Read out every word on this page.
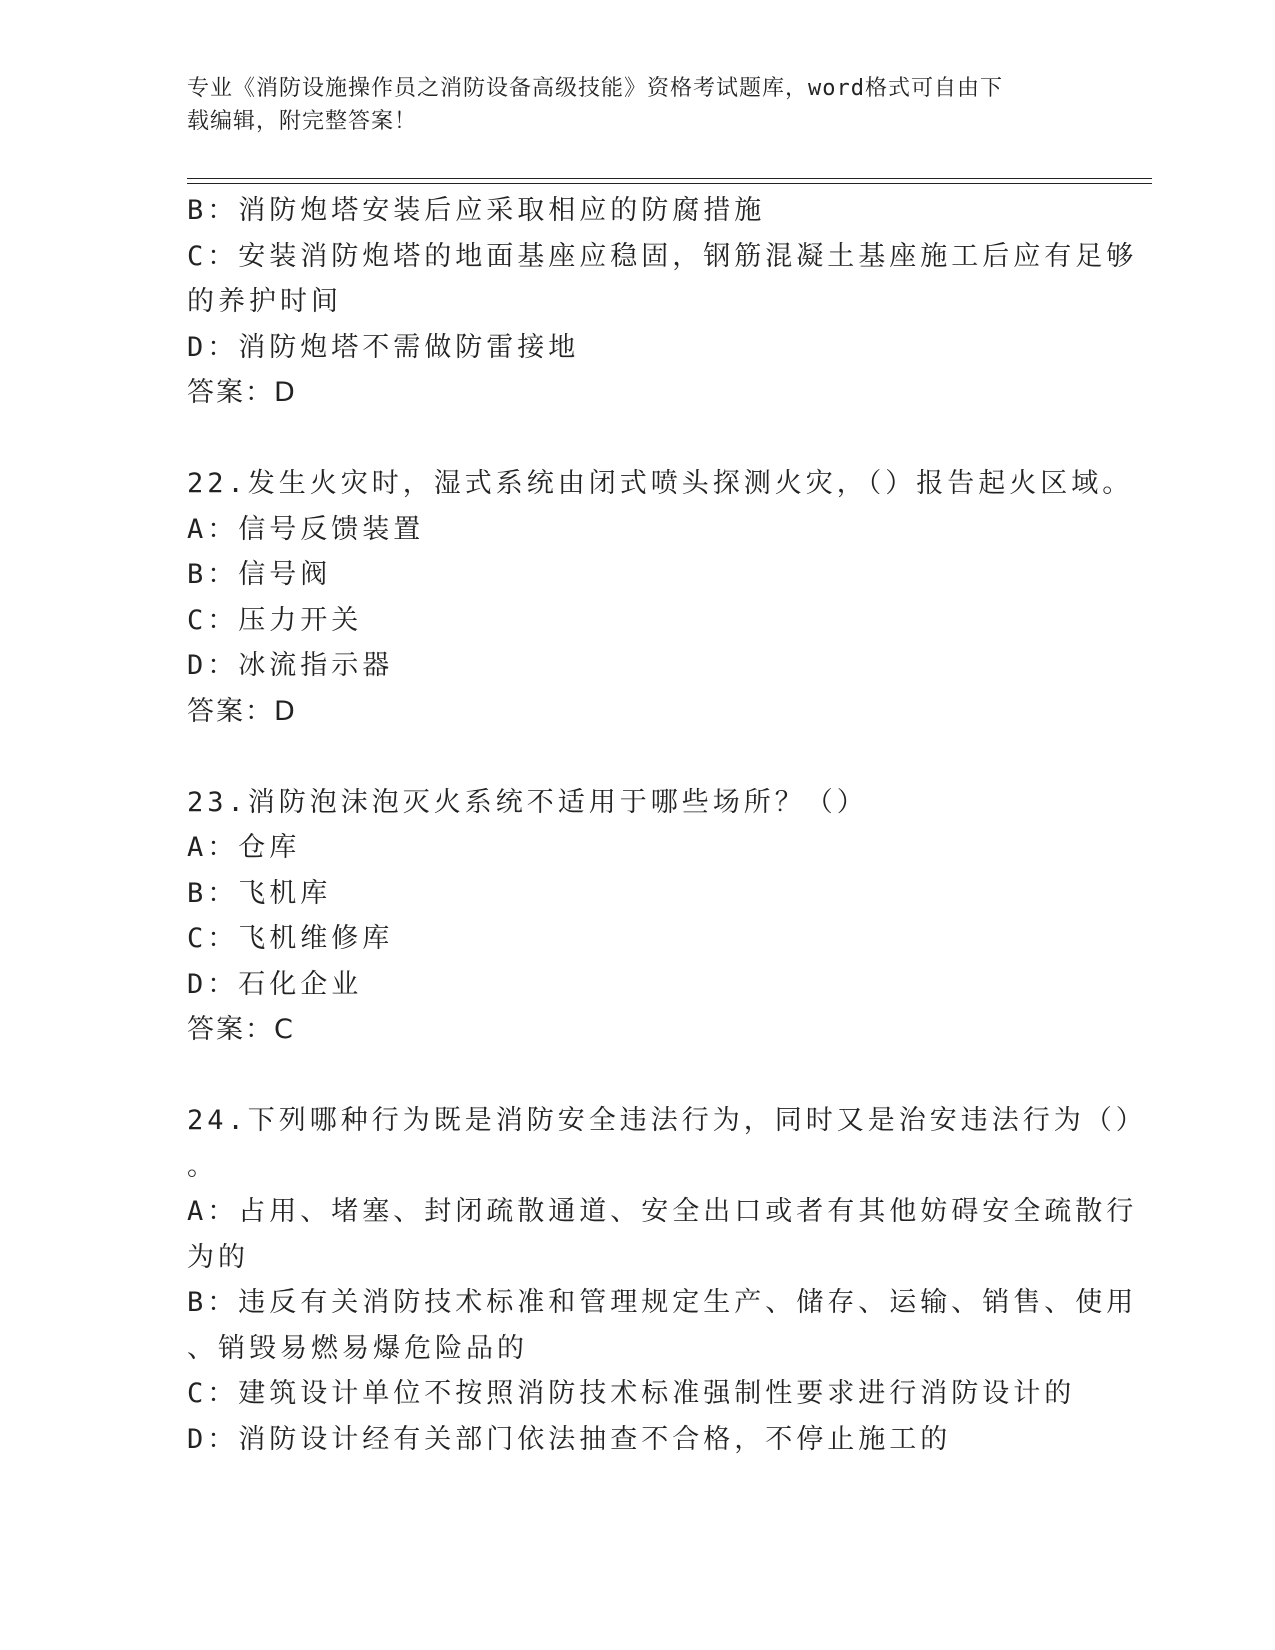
专业《消防设施操作员之消防设备高级技能》资格考试题库，word格式可自由下
载编辑，附完整答案！
B：消防炮塔安装后应采取相应的防腐措施
C：安装消防炮塔的地面基座应稳固，钢筋混凝土基座施工后应有足够
的养护时间
D：消防炮塔不需做防雷接地
答案：D
22.发生火灾时，湿式系统由闭式喷头探测火灾，（）报告起火区域。
A：信号反馈装置
B：信号阀
C：压力开关
D：冰流指示器
答案：D
23.消防泡沫泡灭火系统不适用于哪些场所？（）
A：仓库
B：飞机库
C：飞机维修库
D：石化企业
答案：C
24.下列哪种行为既是消防安全违法行为，同时又是治安违法行为（）
。
A：占用、堵塞、封闭疏散通道、安全出口或者有其他妨碍安全疏散行
为的
B：违反有关消防技术标准和管理规定生产、储存、运输、销售、使用
、销毁易燃易爆危险品的
C：建筑设计单位不按照消防技术标准强制性要求进行消防设计的
D：消防设计经有关部门依法抽查不合格，不停止施工的
